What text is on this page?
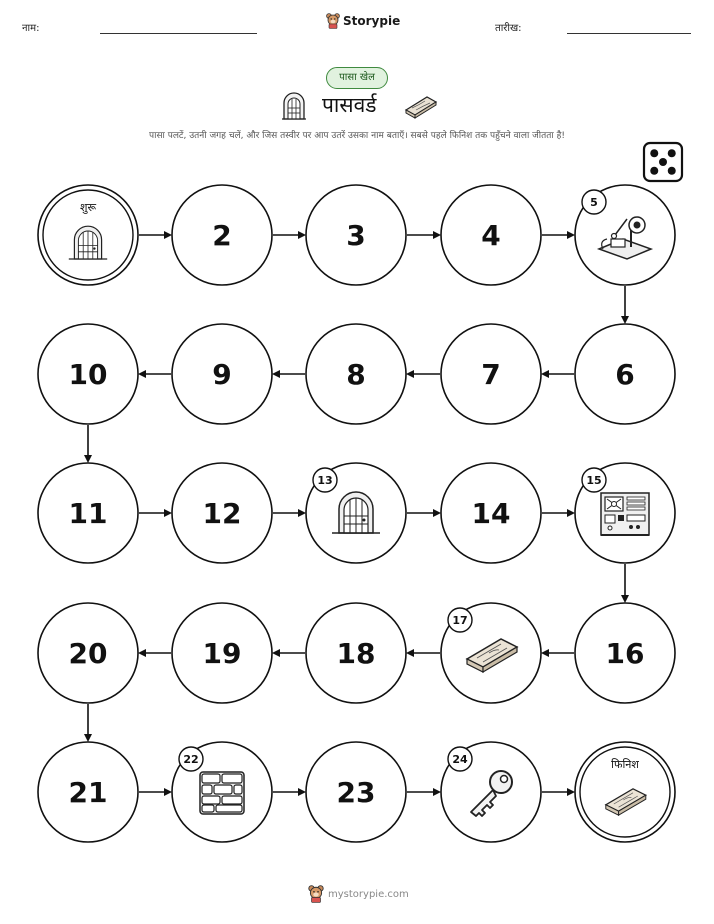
नाम:
Storypie
तारीख:
पासा खेल
पासवर्ड
पासा पलटें, उतनी जगह चलें, और जिस तस्वीर पर आप उतरें उसका नाम बताएँ। सबसे पहले फिनिश तक पहुँचने वाला जीतता है!
शुरू
2	3	4
5
6
7
8
9
10
11	12
13
14
15
16
17
18
19
20
21
22
23
24	फिनिश
mystorypie.com
